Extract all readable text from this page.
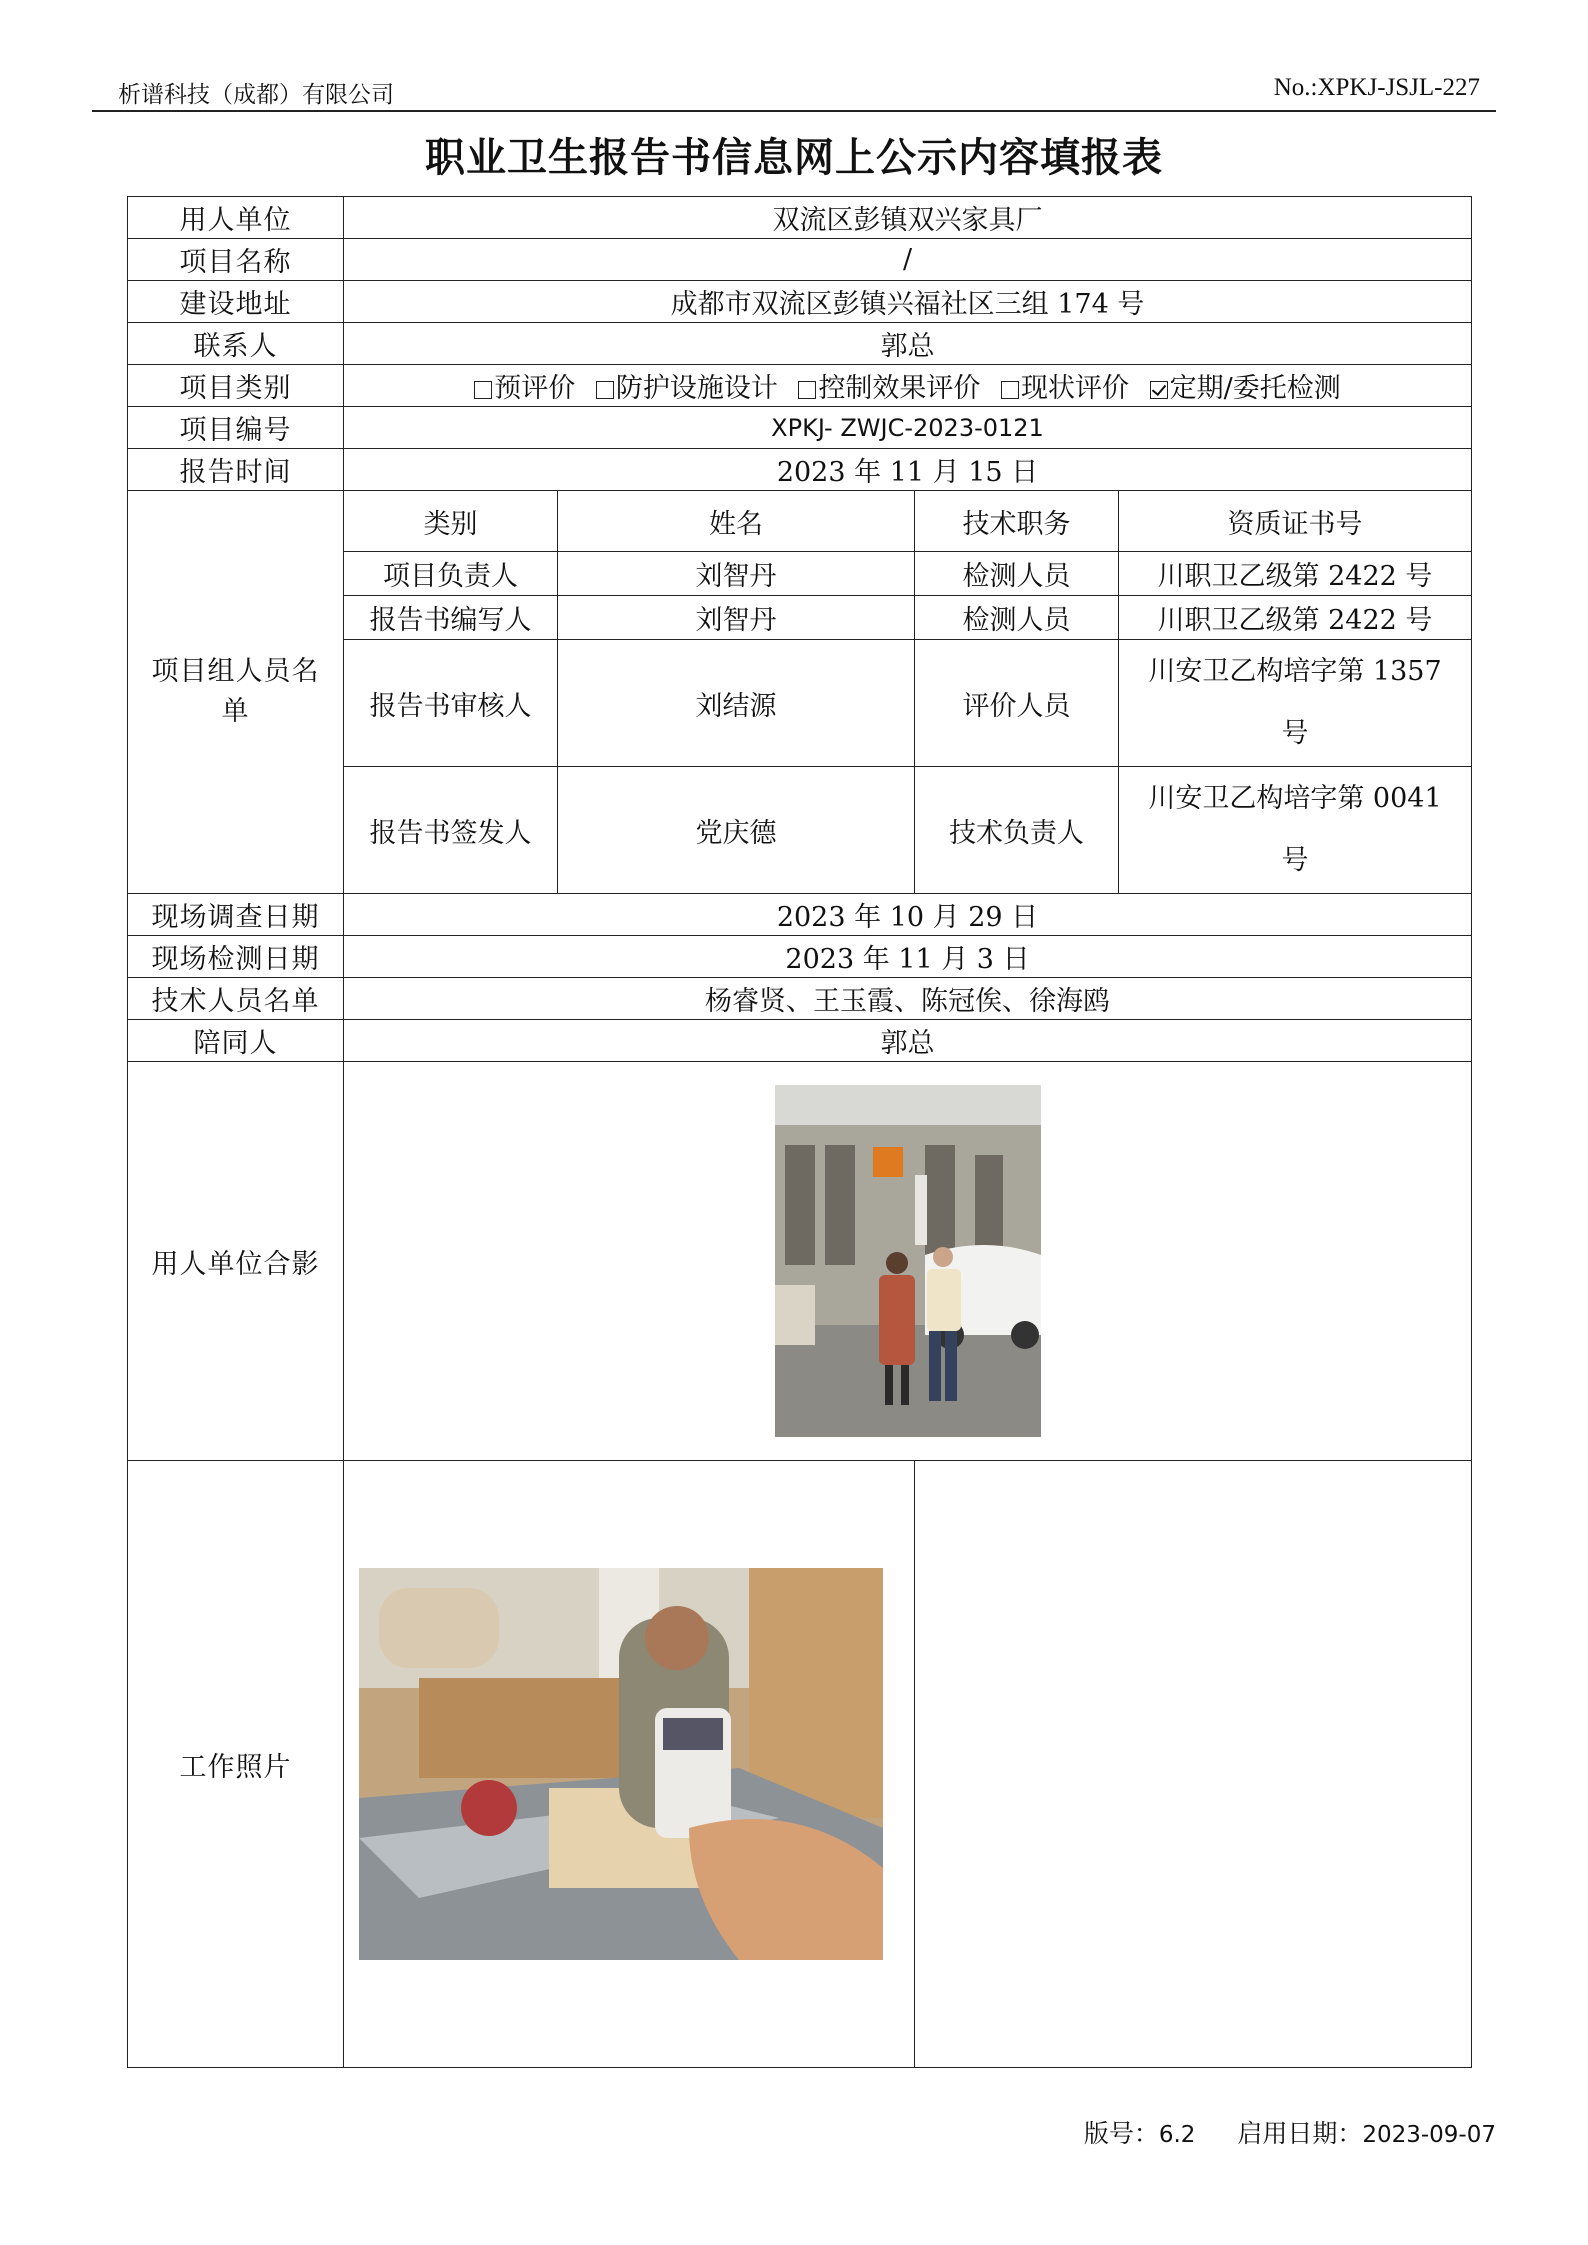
析谱科技（成都）有限公司	No.:XPKJ-JSJL-227
职业卫生报告书信息网上公示内容填报表
用人单位	双流区彭镇双兴家具厂			
项目名称	/			
建设地址	成都市双流区彭镇兴福社区三组 174 号			
联系人	郭总			
项目类别	预评价 防护设施设计 控制效果评价 现状评价 定期/委托检测			
项目编号	XPKJ- ZWJC-2023-0121			
报告时间	2023 年 11 月 15 日			
项目组人员名单	类别	姓名	技术职务	资质证书号
	项目负责人	刘智丹	检测人员	川职卫乙级第 2422 号
	报告书编写人	刘智丹	检测人员	川职卫乙级第 2422 号
	报告书审核人	刘结源	评价人员	川安卫乙构培字第 1357 号
	报告书签发人	党庆德	技术负责人	川安卫乙构培字第 0041 号
现场调查日期	2023 年 10 月 29 日			
现场检测日期	2023 年 11 月 3 日			
技术人员名单	杨睿贤、王玉霞、陈冠俟、徐海鸥			
陪同人	郭总			
用人单位合影	

工作照片	

版号：6.2 启用日期：2023-09-07
